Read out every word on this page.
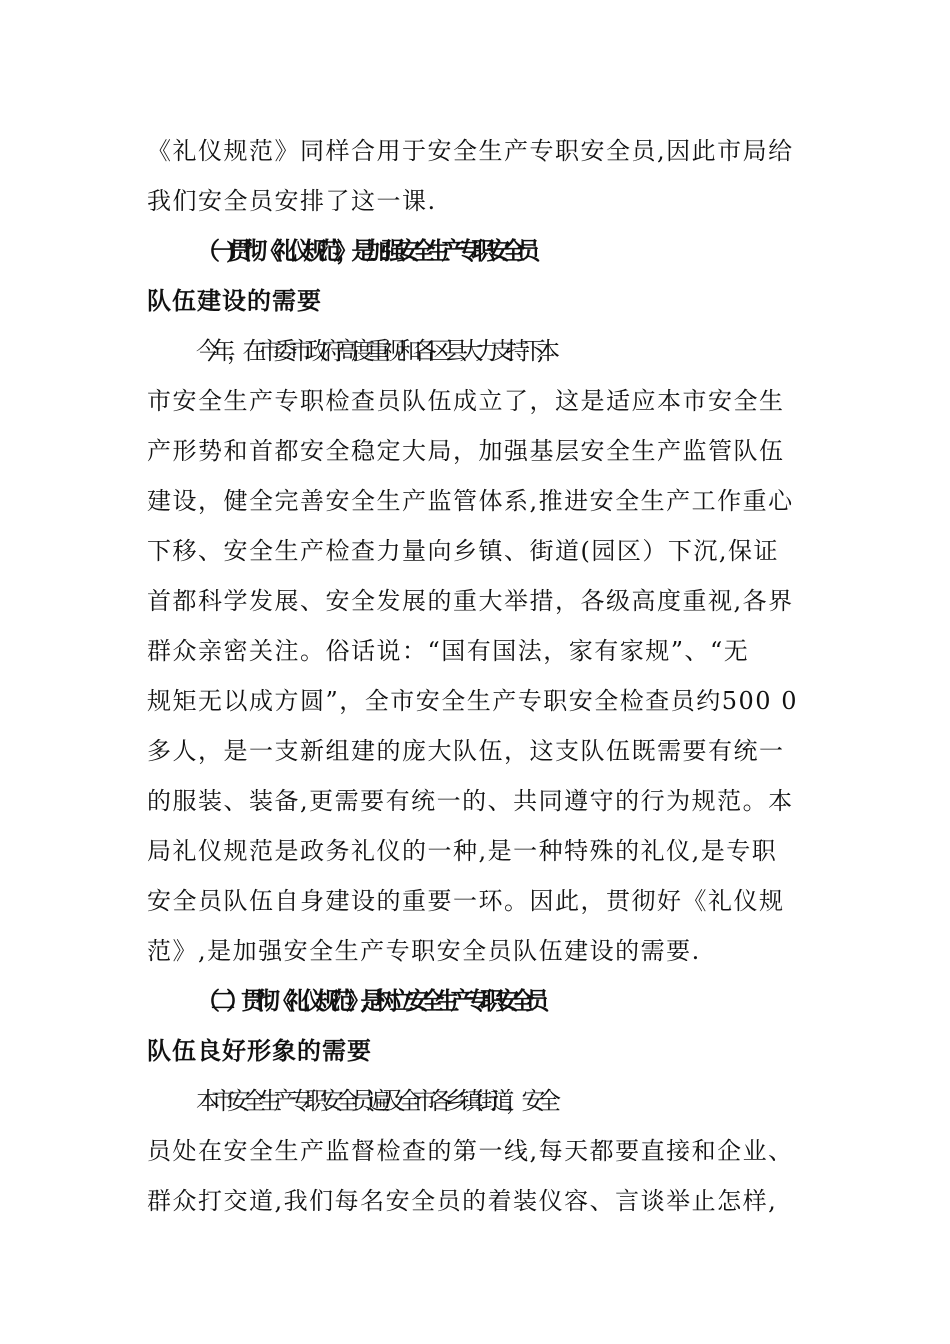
《礼仪规范》同样合用于安全生产专职安全员,因此市局给
我们安全员安排了这一课.
（一)贯彻《礼仪规范》，是加强安全生产专职安全员
队伍建设的需要
今年，在市委市政府高度重视和各区县大力支持下,本
市安全生产专职检查员队伍成立了，这是适应本市安全生
产形势和首都安全稳定大局，加强基层安全生产监管队伍
建设，健全完善安全生产监管体系,推进安全生产工作重心
下移、安全生产检查力量向乡镇、街道(园区）下沉,保证
首都科学发展、安全发展的重大举措，各级高度重视,各界
群众亲密关注。俗话说：“国有国法，家有家规”、“无
规矩无以成方圆”，全市安全生产专职安全检查员约500 0
多人，是一支新组建的庞大队伍，这支队伍既需要有统一
的服装、装备,更需要有统一的、共同遵守的行为规范。本
局礼仪规范是政务礼仪的一种,是一种特殊的礼仪,是专职
安全员队伍自身建设的重要一环。因此，贯彻好《礼仪规
范》,是加强安全生产专职安全员队伍建设的需要.
（二）贯彻《礼仪规范》,是树立安全生产专职安全员
队伍良好形象的需要
本市安全生产专职安全员遍及全市各乡镇街道，安全
员处在安全生产监督检查的第一线,每天都要直接和企业、
群众打交道,我们每名安全员的着装仪容、言谈举止怎样,
